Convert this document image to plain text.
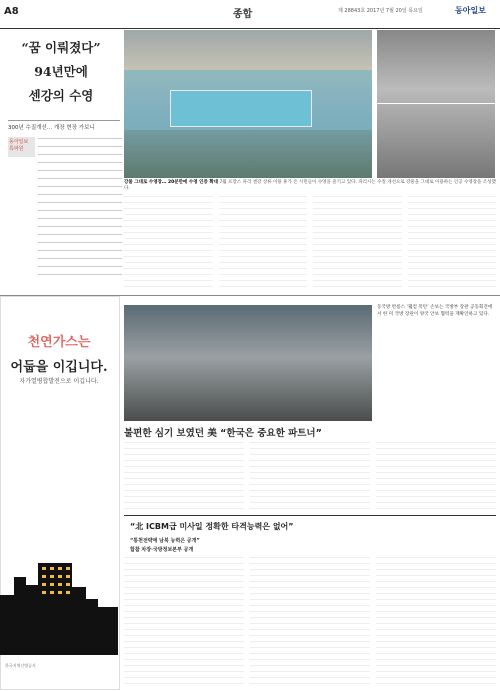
A8	종합	제 28843호 2017년 7월 20일 목요일	동아일보
“꿈 이뤄졌다”
94년만에
센강의 수영
300년 수질개선… 개장 현장 가보니
동아일보 특파원
강물 그대로 수영장… 20분만에 수영 인증 확대 7월 프랑스 파리 센강 상류 이용 휴가 온 시민들이 수영을 즐기고 있다. 파리시는 수질 개선으로 강물을 그대로 이용하는 인공 수영장을 조성했다.
천연가스는
어둡을 이깁니다.
자가열병합발전으로 이깁니다.
한국지역난방공사
동국방 반룸스 ‘웰컴 폭탄’ 손보는 국방부 장관 공동회견에서 한 미 국방 장관이 양국 안보 협력을 재확인하고 있다.
불편한 심기 보였던 美 “한국은 중요한 파트너”
“北 ICBM급 미사일 정확한 타격능력은 없어”
“통천전략에 남북 능력은 공개”
합참 차장·국방정보본부 공개
